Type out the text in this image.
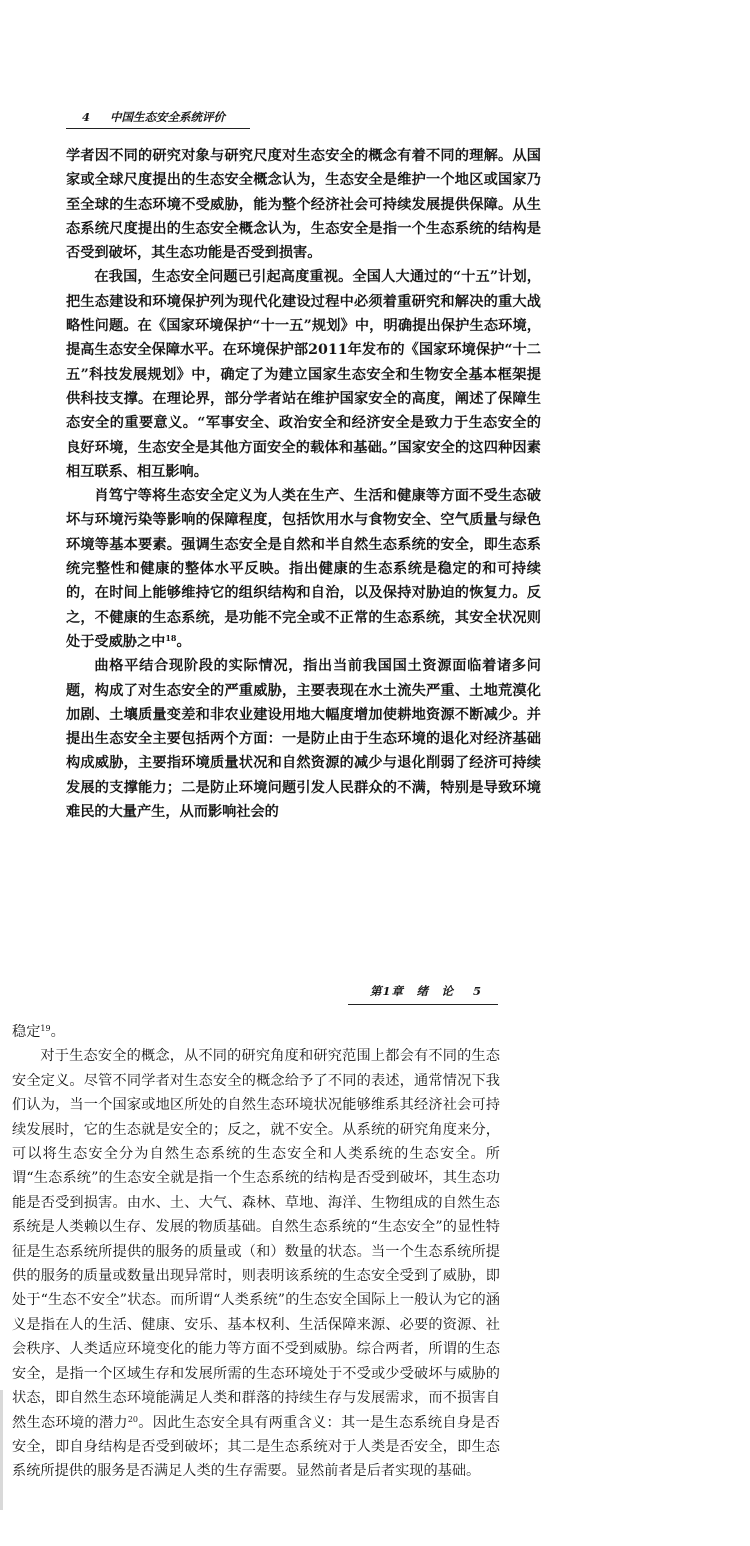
4 中国生态安全系统评价

学者因不同的研究对象与研究尺度对生态安全的概念有着不同的理解。从国家或全球尺度提出的生态安全概念认为，生态安全是维护一个地区或国家乃至全球的生态环境不受威胁，能为整个经济社会可持续发展提供保障。从生态系统尺度提出的生态安全概念认为，生态安全是指一个生态系统的结构是否受到破坏，其生态功能是否受到损害。

在我国，生态安全问题已引起高度重视。全国人大通过的“十五”计划，把生态建设和环境保护列为现代化建设过程中必须着重研究和解决的重大战略性问题。在《国家环境保护“十一五”规划》中，明确提出保护生态环境，提高生态安全保障水平。在环境保护部2011年发布的《国家环境保护“十二五”科技发展规划》中，确定了为建立国家生态安全和生物安全基本框架提供科技支撑。在理论界，部分学者站在维护国家安全的高度，阐述了保障生态安全的重要意义。“军事安全、政治安全和经济安全是致力于生态安全的良好环境，生态安全是其他方面安全的载体和基础。”国家安全的这四种因素相互联系、相互影响。

肖笃宁等将生态安全定义为人类在生产、生活和健康等方面不受生态破坏与环境污染等影响的保障程度，包括饮用水与食物安全、空气质量与绿色环境等基本要素。强调生态安全是自然和半自然生态系统的安全，即生态系统完整性和健康的整体水平反映。指出健康的生态系统是稳定的和可持续的，在时间上能够维持它的组织结构和自治，以及保持对胁迫的恢复力。反之，不健康的生态系统，是功能不完全或不正常的生态系统，其安全状况则处于受威胁之中$^{18}$。

曲格平结合现阶段的实际情况，指出当前我国国土资源面临着诸多问题，构成了对生态安全的严重威胁，主要表现在水土流失严重、土地荒漠化加剧、土壤质量变差和非农业建设用地大幅度增加使耕地资源不断减少。并提出生态安全主要包括两个方面：一是防止由于生态环境的退化对经济基础构成威胁，主要指环境质量状况和自然资源的减少与退化削弱了经济可持续发展的支撑能力；二是防止环境问题引发人民群众的不满，特别是导致环境难民的大量产生，从而影响社会的

第1章　绪　论 5

稳定$^{19}$。

对于生态安全的概念，从不同的研究角度和研究范围上都会有不同的生态安全定义。尽管不同学者对生态安全的概念给予了不同的表述，通常情况下我们认为，当一个国家或地区所处的自然生态环境状况能够维系其经济社会可持续发展时，它的生态就是安全的；反之，就不安全。从系统的研究角度来分，可以将生态安全分为自然生态系统的生态安全和人类系统的生态安全。所谓“生态系统”的生态安全就是指一个生态系统的结构是否受到破坏，其生态功能是否受到损害。由水、土、大气、森林、草地、海洋、生物组成的自然生态系统是人类赖以生存、发展的物质基础。自然生态系统的“生态安全”的显性特征是生态系统所提供的服务的质量或（和）数量的状态。当一个生态系统所提供的服务的质量或数量出现异常时，则表明该系统的生态安全受到了威胁，即处于“生态不安全”状态。而所谓“人类系统”的生态安全国际上一般认为它的涵义是指在人的生活、健康、安乐、基本权利、生活保障来源、必要的资源、社会秩序、人类适应环境变化的能力等方面不受到威胁。综合两者，所谓的生态安全，是指一个区域生存和发展所需的生态环境处于不受或少受破坏与威胁的状态，即自然生态环境能满足人类和群落的持续生存与发展需求，而不损害自然生态环境的潜力$^{20}$。因此生态安全具有两重含义：其一是生态系统自身是否安全，即自身结构是否受到破坏；其二是生态系统对于人类是否安全，即生态系统所提供的服务是否满足人类的生存需要。显然前者是后者实现的基础。
